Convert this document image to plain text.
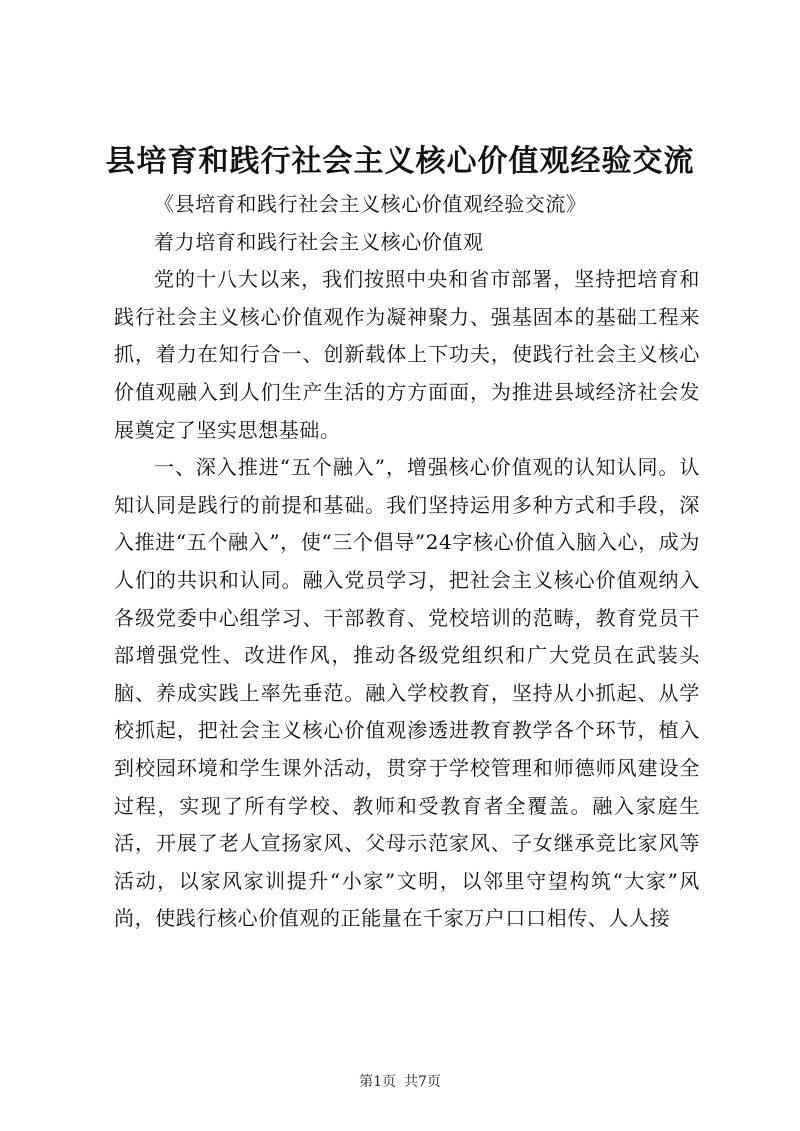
县培育和践行社会主义核心价值观经验交流

《县培育和践行社会主义核心价值观经验交流》

着力培育和践行社会主义核心价值观

党的十八大以来，我们按照中央和省市部署，坚持把培育和践行社会主义核心价值观作为凝神聚力、强基固本的基础工程来抓，着力在知行合一、创新载体上下功夫，使践行社会主义核心价值观融入到人们生产生活的方方面面，为推进县域经济社会发展奠定了坚实思想基础。

一、深入推进“五个融入”，增强核心价值观的认知认同。认知认同是践行的前提和基础。我们坚持运用多种方式和手段，深入推进“五个融入”，使“三个倡导”24字核心价值入脑入心，成为人们的共识和认同。融入党员学习，把社会主义核心价值观纳入各级党委中心组学习、干部教育、党校培训的范畴，教育党员干部增强党性、改进作风，推动各级党组织和广大党员在武装头脑、养成实践上率先垂范。融入学校教育，坚持从小抓起、从学校抓起，把社会主义核心价值观渗透进教育教学各个环节，植入到校园环境和学生课外活动，贯穿于学校管理和师德师风建设全过程，实现了所有学校、教师和受教育者全覆盖。融入家庭生活，开展了老人宣扬家风、父母示范家风、子女继承竞比家风等活动，以家风家训提升“小家”文明，以邻里守望构筑“大家”风尚，使践行核心价值观的正能量在千家万户口口相传、人人接

第1页 共7页
